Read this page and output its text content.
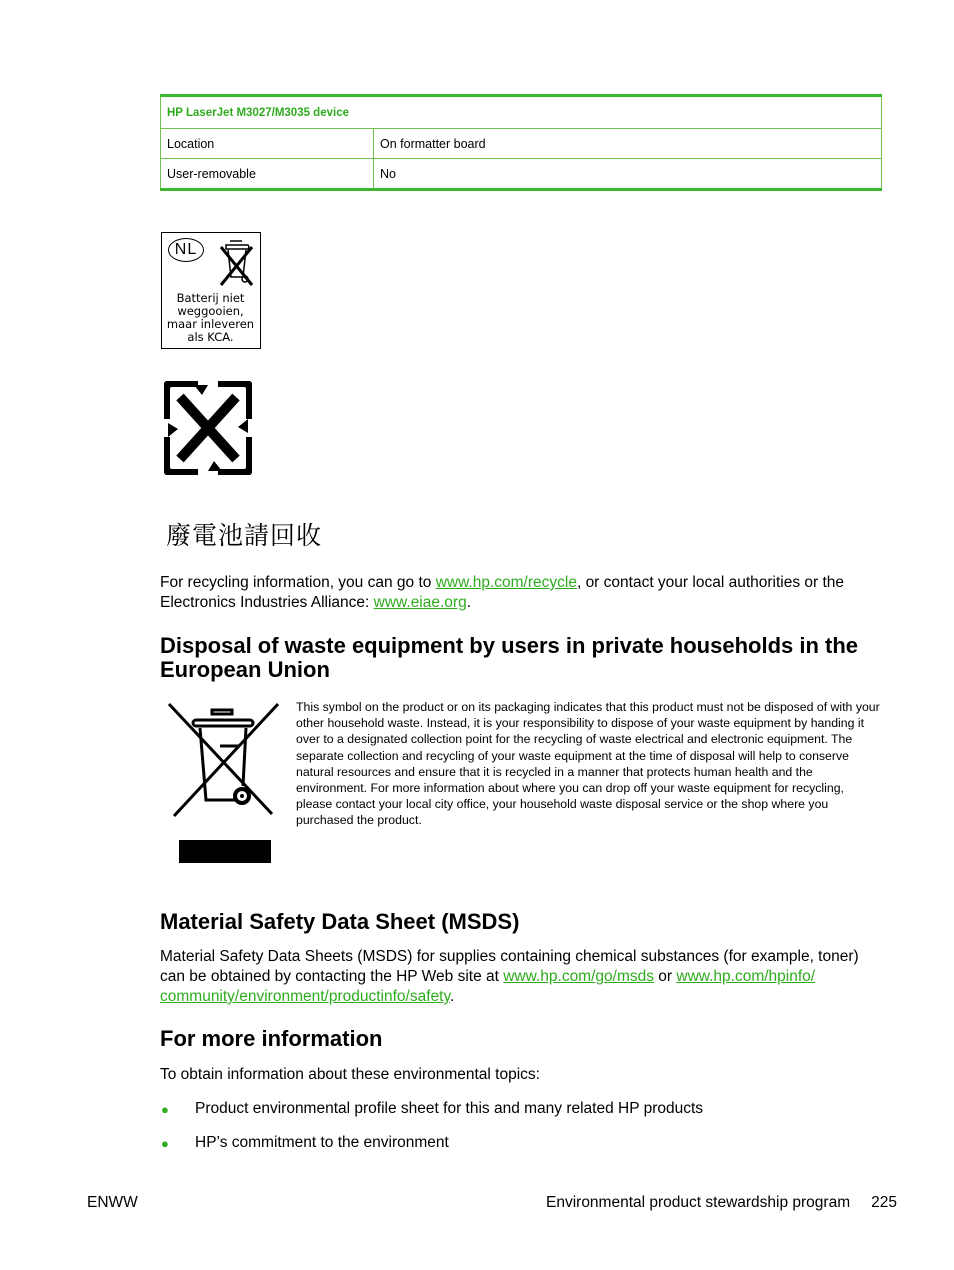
HP LaserJet M3027/M3035 device	
Location	On formatter board
User-removable	No
NL
Batterij niet
weggooien,
maar inleveren
als KCA.
廢電池請回收

For recycling information, you can go to www.hp.com/recycle, or contact your local authorities or the Electronics Industries Alliance: www.eiae.org.

Disposal of waste equipment by users in private households in the European Union

This symbol on the product or on its packaging indicates that this product must not be disposed of with your other household waste. Instead, it is your responsibility to dispose of your waste equipment by handing it over to a designated collection point for the recycling of waste electrical and electronic equipment. The separate collection and recycling of your waste equipment at the time of disposal will help to conserve natural resources and ensure that it is recycled in a manner that protects human health and the environment. For more information about where you can drop off your waste equipment for recycling, please contact your local city office, your household waste disposal service or the shop where you purchased the product.

Material Safety Data Sheet (MSDS)

Material Safety Data Sheets (MSDS) for supplies containing chemical substances (for example, toner) can be obtained by contacting the HP Web site at www.hp.com/go/msds or www.hp.com/hpinfo/
community/environment/productinfo/safety.

For more information

To obtain information about these environmental topics:

● Product environmental profile sheet for this and many related HP products
● HP’s commitment to the environment
ENWW	Environmental product stewardship program 225
